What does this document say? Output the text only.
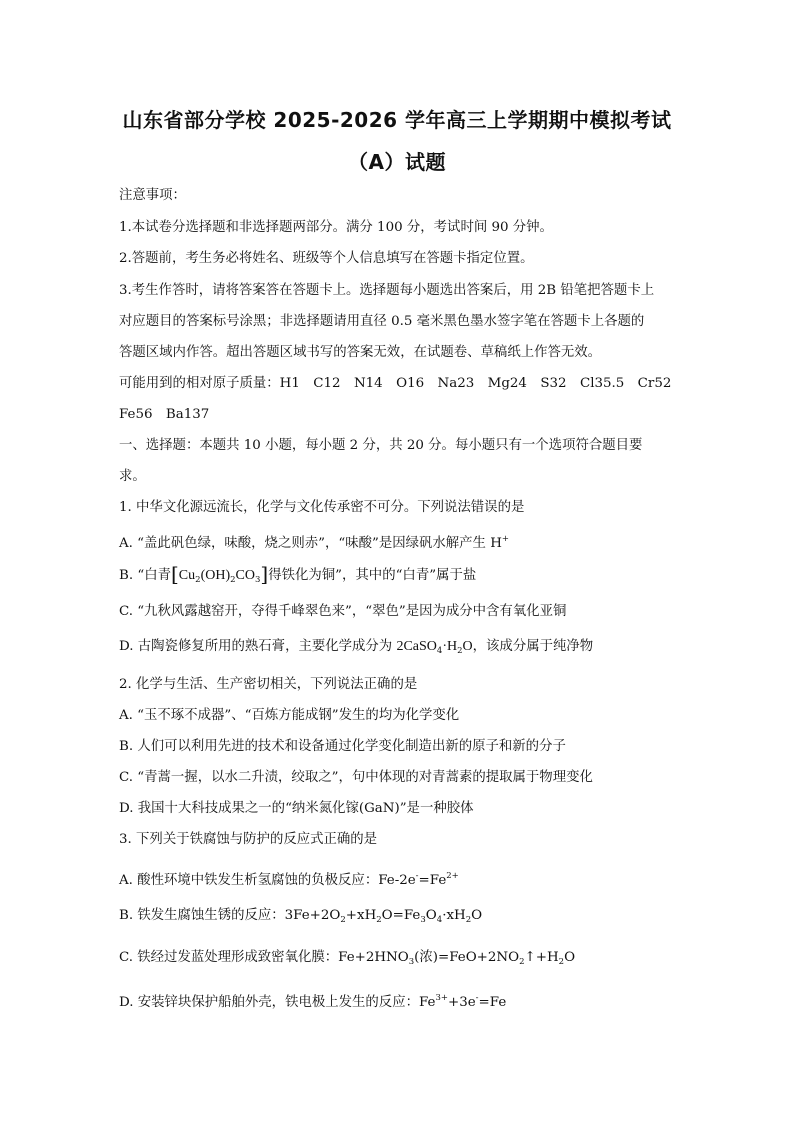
山东省部分学校 2025-2026 学年高三上学期期中模拟考试
（A）试题
注意事项：
1.本试卷分选择题和非选择题两部分。满分 100 分，考试时间 90 分钟。
2.答题前，考生务必将姓名、班级等个人信息填写在答题卡指定位置。
3.考生作答时，请将答案答在答题卡上。选择题每小题选出答案后，用 2B 铅笔把答题卡上
对应题目的答案标号涂黑；非选择题请用直径 0.5 毫米黑色墨水签字笔在答题卡上各题的
答题区域内作答。超出答题区域书写的答案无效，在试题卷、草稿纸上作答无效。
可能用到的相对原子质量：H1　C12　N14　O16　Na23　Mg24　S32　Cl35.5　Cr52
Fe56　Ba137
一、选择题：本题共 10 小题，每小题 2 分，共 20 分。每小题只有一个选项符合题目要
求。
1. 中华文化源远流长，化学与文化传承密不可分。下列说法错误的是
A. “盖此矾色绿，味酸，烧之则赤”，“味酸”是因绿矾水解产生 H+
B. “白青$[Cu_2(OH)_2CO_3]$得铁化为铜”，其中的“白青”属于盐
C. “九秋风露越窑开，夺得千峰翠色来”，“翠色”是因为成分中含有氧化亚铜
D. 古陶瓷修复所用的熟石膏，主要化学成分为 $2CaSO_4\cdot H_2O$，该成分属于纯净物
2. 化学与生活、生产密切相关，下列说法正确的是
A. “玉不琢不成器”、“百炼方能成钢”发生的均为化学变化
B. 人们可以利用先进的技术和设备通过化学变化制造出新的原子和新的分子
C. “青蒿一握，以水二升渍，绞取之”，句中体现的对青蒿素的提取属于物理变化
D. 我国十大科技成果之一的“纳米氮化镓(GaN)”是一种胶体
3. 下列关于铁腐蚀与防护的反应式正确的是
A. 酸性环境中铁发生析氢腐蚀的负极反应：$Fe-2e^-=Fe^{2+}$
B. 铁发生腐蚀生锈的反应：$3Fe+2O_2+xH_2O=Fe_3O_4\cdot xH_2O$
C. 铁经过发蓝处理形成致密氧化膜：$Fe+2HNO_3$(浓)$=FeO+2NO_2↑+H_2O$
D. 安装锌块保护船舶外壳，铁电极上发生的反应：$Fe^{3+}+3e^-=Fe$
